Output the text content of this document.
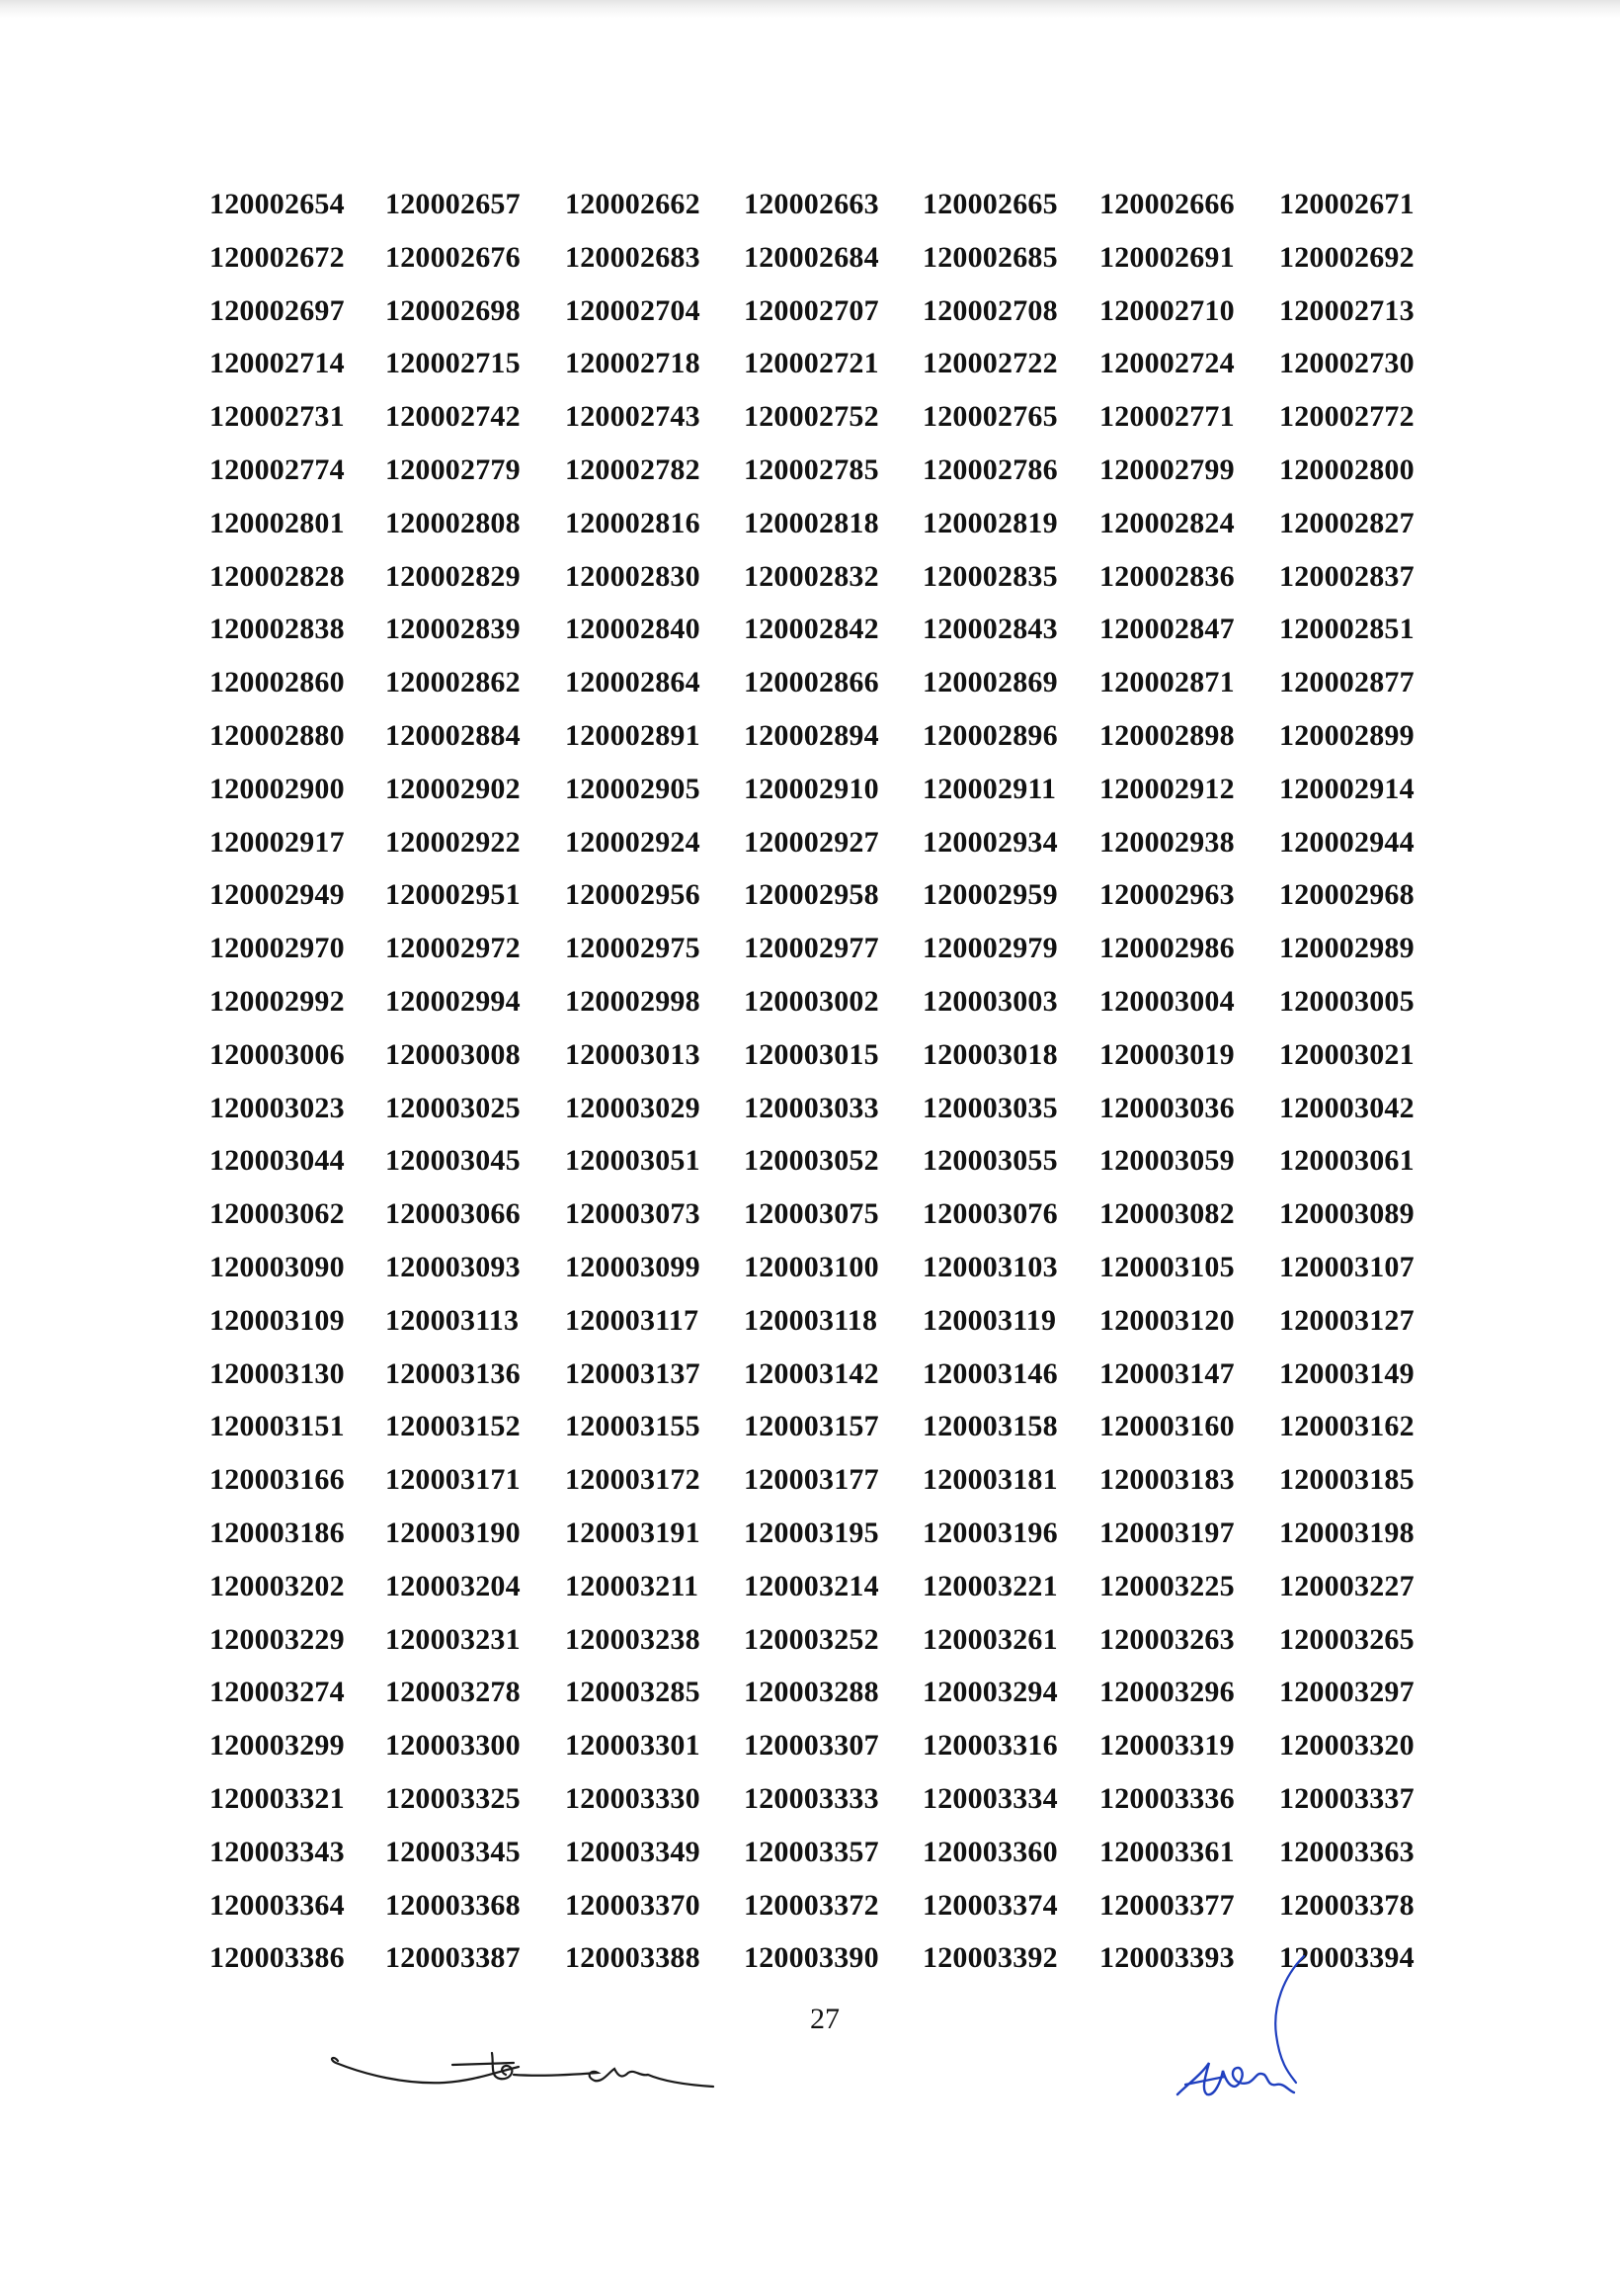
120002654	120002657	120002662	120002663	120002665	120002666	120002671
120002672	120002676	120002683	120002684	120002685	120002691	120002692
120002697	120002698	120002704	120002707	120002708	120002710	120002713
120002714	120002715	120002718	120002721	120002722	120002724	120002730
120002731	120002742	120002743	120002752	120002765	120002771	120002772
120002774	120002779	120002782	120002785	120002786	120002799	120002800
120002801	120002808	120002816	120002818	120002819	120002824	120002827
120002828	120002829	120002830	120002832	120002835	120002836	120002837
120002838	120002839	120002840	120002842	120002843	120002847	120002851
120002860	120002862	120002864	120002866	120002869	120002871	120002877
120002880	120002884	120002891	120002894	120002896	120002898	120002899
120002900	120002902	120002905	120002910	120002911	120002912	120002914
120002917	120002922	120002924	120002927	120002934	120002938	120002944
120002949	120002951	120002956	120002958	120002959	120002963	120002968
120002970	120002972	120002975	120002977	120002979	120002986	120002989
120002992	120002994	120002998	120003002	120003003	120003004	120003005
120003006	120003008	120003013	120003015	120003018	120003019	120003021
120003023	120003025	120003029	120003033	120003035	120003036	120003042
120003044	120003045	120003051	120003052	120003055	120003059	120003061
120003062	120003066	120003073	120003075	120003076	120003082	120003089
120003090	120003093	120003099	120003100	120003103	120003105	120003107
120003109	120003113	120003117	120003118	120003119	120003120	120003127
120003130	120003136	120003137	120003142	120003146	120003147	120003149
120003151	120003152	120003155	120003157	120003158	120003160	120003162
120003166	120003171	120003172	120003177	120003181	120003183	120003185
120003186	120003190	120003191	120003195	120003196	120003197	120003198
120003202	120003204	120003211	120003214	120003221	120003225	120003227
120003229	120003231	120003238	120003252	120003261	120003263	120003265
120003274	120003278	120003285	120003288	120003294	120003296	120003297
120003299	120003300	120003301	120003307	120003316	120003319	120003320
120003321	120003325	120003330	120003333	120003334	120003336	120003337
120003343	120003345	120003349	120003357	120003360	120003361	120003363
120003364	120003368	120003370	120003372	120003374	120003377	120003378
120003386	120003387	120003388	120003390	120003392	120003393	120003394
27
